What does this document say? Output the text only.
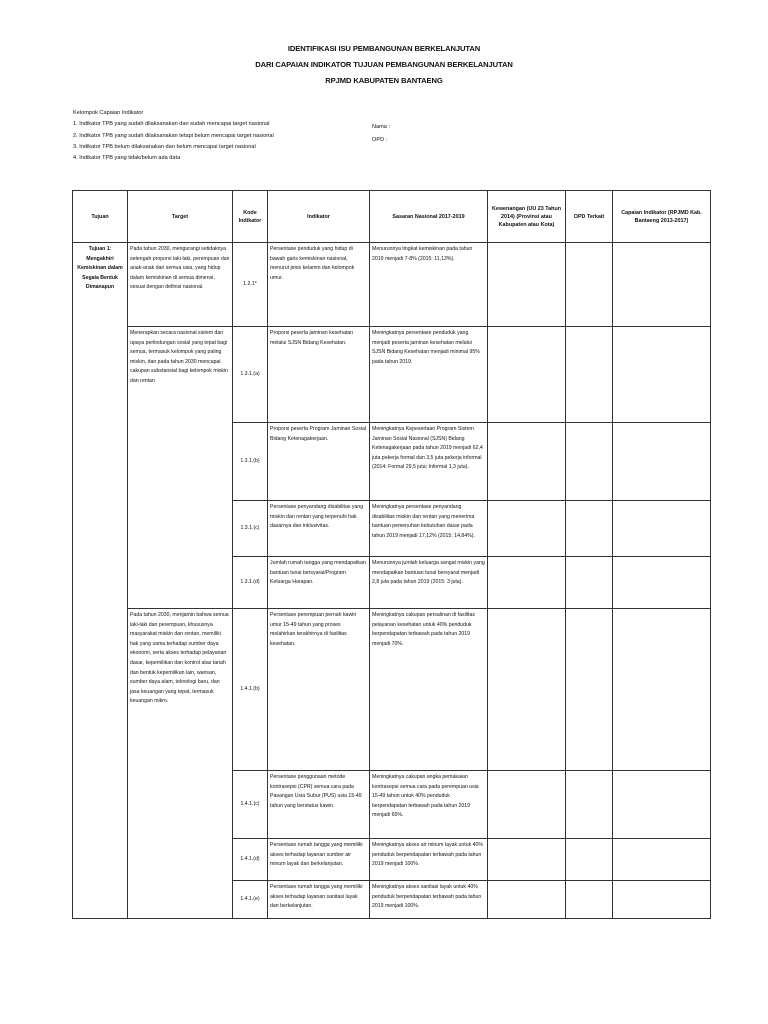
IDENTIFIKASI ISU PEMBANGUNAN BERKELANJUTAN
DARI CAPAIAN INDIKATOR TUJUAN PEMBANGUNAN BERKELANJUTAN
RPJMD KABUPATEN BANTAENG
Kelompok Capaian Indikator
1. Indikator TPB yang sudah dilaksanakan dan sudah mencapai target nasional
2. Indikator TPB yang sudah dilaksanakan tetapi belum mencapai target nasional
3. Indikator TPB belum dilaksanakan dan belum mencapai target nasional
4. Indikator TPB yang tidak/belum ada data
Nama :
OPD :
Tujuan	Target	Kode Indikator	Indikator	Sasaran Nasional 2017-2019	Kewenangan (UU 23 Tahun 2014) (Provinsi atau Kabupaten atau Kota)	OPD Terkait	Capaian Indikator (RPJMD Kab. Bantaeng 2013-2017)
Tujuan 1: Mengakhiri Kemiskinan dalam Segala Bentuk Dimanapun	Pada tahun 2030, mengurangi setidaknya setengah proporsi laki-laki, perempuan dan anak-anak dari semua usia, yang hidup dalam kemiskinan di semua dimensi, sesuai dengan definisi nasional.	1.2.1*	Persentase penduduk yang hidup di bawah garis kemiskinan nasional, menurut jenis kelamin dan kelompok umur.	Menurunnya tingkat kemiskinan pada tahun 2019 menjadi 7-8% (2015: 11,13%).			
	Menerapkan secara nasional sistem dan upaya perlindungan sosial yang tepat bagi semua, termasuk kelompok yang paling miskin, dan pada tahun 2030 mencapai cakupan substansial bagi kelompok miskin dan rentan	1.3.1.(a)	Proporsi peserta jaminan kesehatan melalui SJSN Bidang Kesehatan.	Meningkatnya persentase penduduk yang menjadi peserta jaminan kesehatan melalui SJSN Bidang Kesehatan menjadi minimal 95% pada tahun 2019.			
		1.3.1.(b)	Proporsi peserta Program Jaminan Sosial Bidang Ketenagakerjaan.	Meningkatnya Kepesertaan Program Sistem Jaminan Sosial Nasional (SJSN) Bidang Ketenagakerjaan pada tahun 2019 menjadi 62,4 juta pekerja formal dan 3,5 juta pekerja informal (2014: Formal 29,5 juta; Informal 1,3 juta).			
		1.3.1.(c)	Persentase penyandang disabilitas yang miskin dan rentan yang terpenuhi hak dasarnya dan inklusivitas.	Meningkatnya persentase penyandang disabilitas miskin dan rentan yang menerima bantuan pemenuhan kebutuhan dasar pada tahun 2019 menjadi 17,12% (2015: 14,84%).			
		1.3.1.(d)	Jumlah rumah tangga yang mendapatkan bantuan tunai bersyarat/Program Keluarga Harapan.	Menurunnya jumlah keluarga sangat miskin yang mendapatkan bantuan tunai bersyarat menjadi 2,8 juta pada tahun 2019 (2015: 3 juta).			
	Pada tahun 2030, menjamin bahwa semua laki-laki dan perempuan, khususnya masyarakat miskin dan rentan, memiliki hak yang sama terhadap sumber daya ekonomi, serta akses terhadap pelayanan dasar, kepemilikan dan kontrol atas tanah dan bentuk kepemilikan lain, warisan, sumber daya alam, teknologi baru, dan jasa keuangan yang tepat, termasuk keuangan mikro.	1.4.1.(b)	Persentase perempuan pernah kawin umur 15-49 tahun yang proses melahirkan terakhirnya di fasilitas kesehatan.	Meningkatnya cakupan persalinan di fasilitas pelayanan kesehatan untuk 40% penduduk berpendapatan terbawah pada tahun 2019 menjadi 70%.			
		1.4.1.(c)	Persentase penggunaan metode kontrasepsi (CPR) semua cara pada Pasangan Usia Subur (PUS) usia 15-49 tahun yang berstatus kawin.	Meningkatnya cakupan angka pemakaian kontrasepsi semua cara pada perempuan usia 15-49 tahun untuk 40% penduduk berpendapatan terbawah pada tahun 2019 menjadi 65%.			
		1.4.1.(d)	Persentase rumah tangga yang memiliki akses terhadap layanan sumber air minum layak dan berkelanjutan.	Meningkatnya akses air minum layak untuk 40% penduduk berpendapatan terbawah pada tahun 2019 menjadi 100%.			
		1.4.1.(e)	Persentase rumah tangga yang memiliki akses terhadap layanan sanitasi layak dan berkelanjutan.	Meningkatnya akses sanitasi layak untuk 40% penduduk berpendapatan terbawah pada tahun 2019 menjadi 100%.			
